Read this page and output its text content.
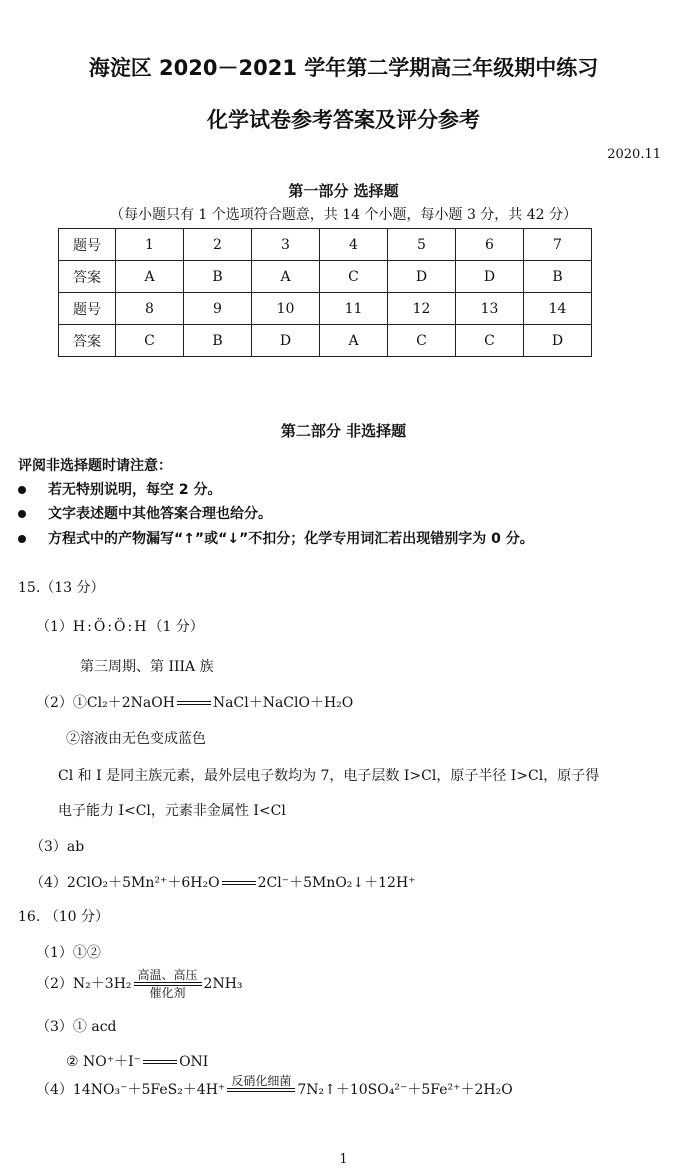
海淀区 2020－2021 学年第二学期高三年级期中练习
化学试卷参考答案及评分参考
2020.11
第一部分 选择题
（每小题只有 1 个选项符合题意，共 14 个小题，每小题 3 分，共 42 分）
题号	1	2	3	4	5	6	7
答案	A	B	A	C	D	D	B
题号	8	9	10	11	12	13	14
答案	C	B	D	A	C	C	D
第二部分 非选择题
评阅非选择题时请注意：
若无特别说明，每空 2 分。
文字表述题中其他答案合理也给分。
方程式中的产物漏写“↑”或“↓”不扣分；化学专用词汇若出现错别字为 0 分。
15.（13 分）
（1）H:Ö:Ö:H（1 分）
第三周期、第 IIIA 族
（2）①Cl₂＋2NaOH	NaCl＋NaClO＋H₂O
②溶液由无色变成蓝色
Cl 和 I 是同主族元素，最外层电子数均为 7，电子层数 I>Cl，原子半径 I>Cl，原子得
电子能力 I<Cl，元素非金属性 I<Cl
（3）ab
（4）2ClO₂＋5Mn²⁺＋6H₂O	2Cl⁻＋5MnO₂↓＋12H⁺
16. （10 分）
（1）①②
（2）N₂＋3H₂
高温、高压
催化剂
2NH₃
（3）① acd
② NO⁺＋I⁻	ONI
（4）14NO₃⁻＋5FeS₂＋4H⁺
反硝化细菌

7N₂↑＋10SO₄²⁻＋5Fe²⁺＋2H₂O
1
